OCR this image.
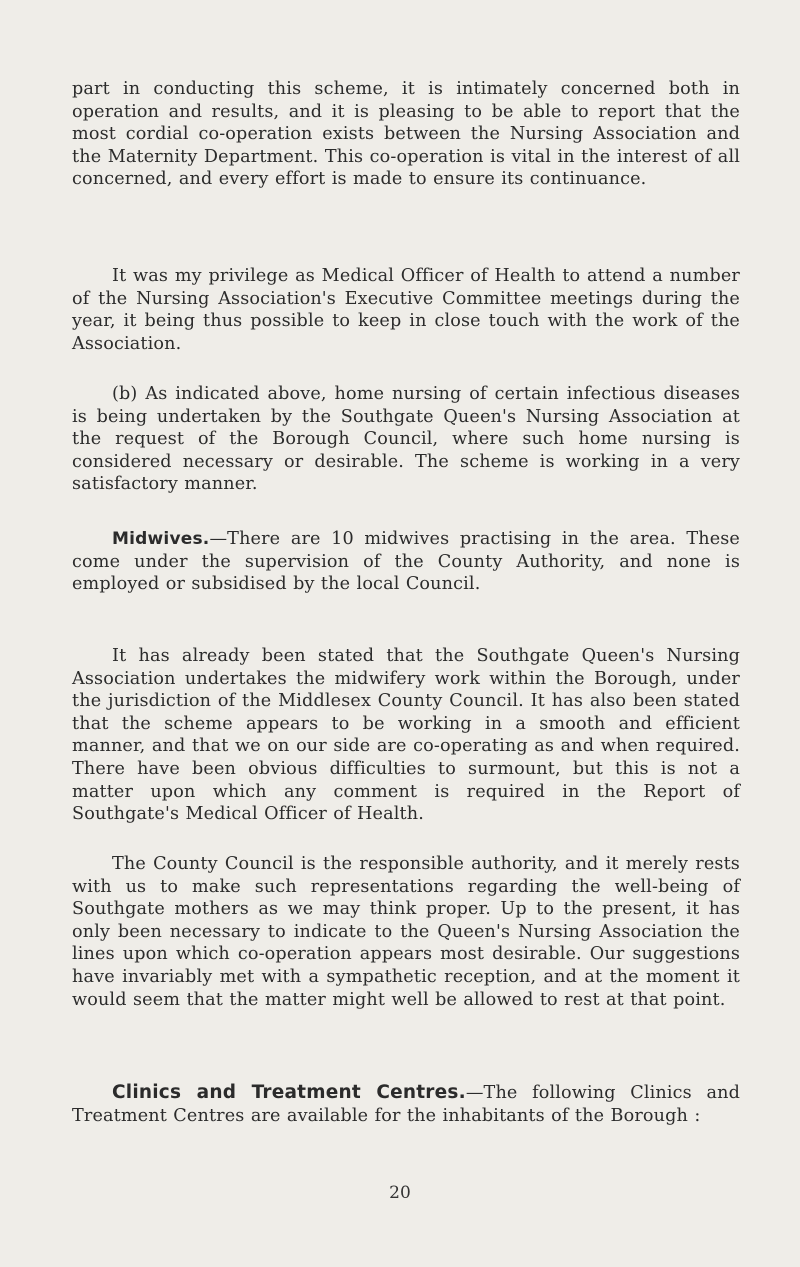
part in conducting this scheme, it is intimately concerned both in operation and results, and it is pleasing to be able to report that the most cordial co-operation exists between the Nursing Association and the Maternity Department. This co-operation is vital in the interest of all concerned, and every effort is made to ensure its continuance.

It was my privilege as Medical Officer of Health to attend a number of the Nursing Association's Executive Committee meetings during the year, it being thus possible to keep in close touch with the work of the Association.

(b) As indicated above, home nursing of certain infectious diseases is being undertaken by the Southgate Queen's Nursing Association at the request of the Borough Council, where such home nursing is considered necessary or desirable. The scheme is working in a very satisfactory manner.

Midwives.—There are 10 midwives practising in the area. These come under the supervision of the County Authority, and none is employed or subsidised by the local Council.

It has already been stated that the Southgate Queen's Nursing Association undertakes the midwifery work within the Borough, under the jurisdiction of the Middlesex County Council. It has also been stated that the scheme appears to be working in a smooth and efficient manner, and that we on our side are co-operating as and when required. There have been obvious difficulties to surmount, but this is not a matter upon which any comment is required in the Report of Southgate's Medical Officer of Health.

The County Council is the responsible authority, and it merely rests with us to make such representations regarding the well-being of Southgate mothers as we may think proper. Up to the present, it has only been necessary to indicate to the Queen's Nursing Association the lines upon which co-operation appears most desirable. Our suggestions have invariably met with a sympathetic reception, and at the moment it would seem that the matter might well be allowed to rest at that point.

Clinics and Treatment Centres.—The following Clinics and Treatment Centres are available for the inhabitants of the Borough :

20
